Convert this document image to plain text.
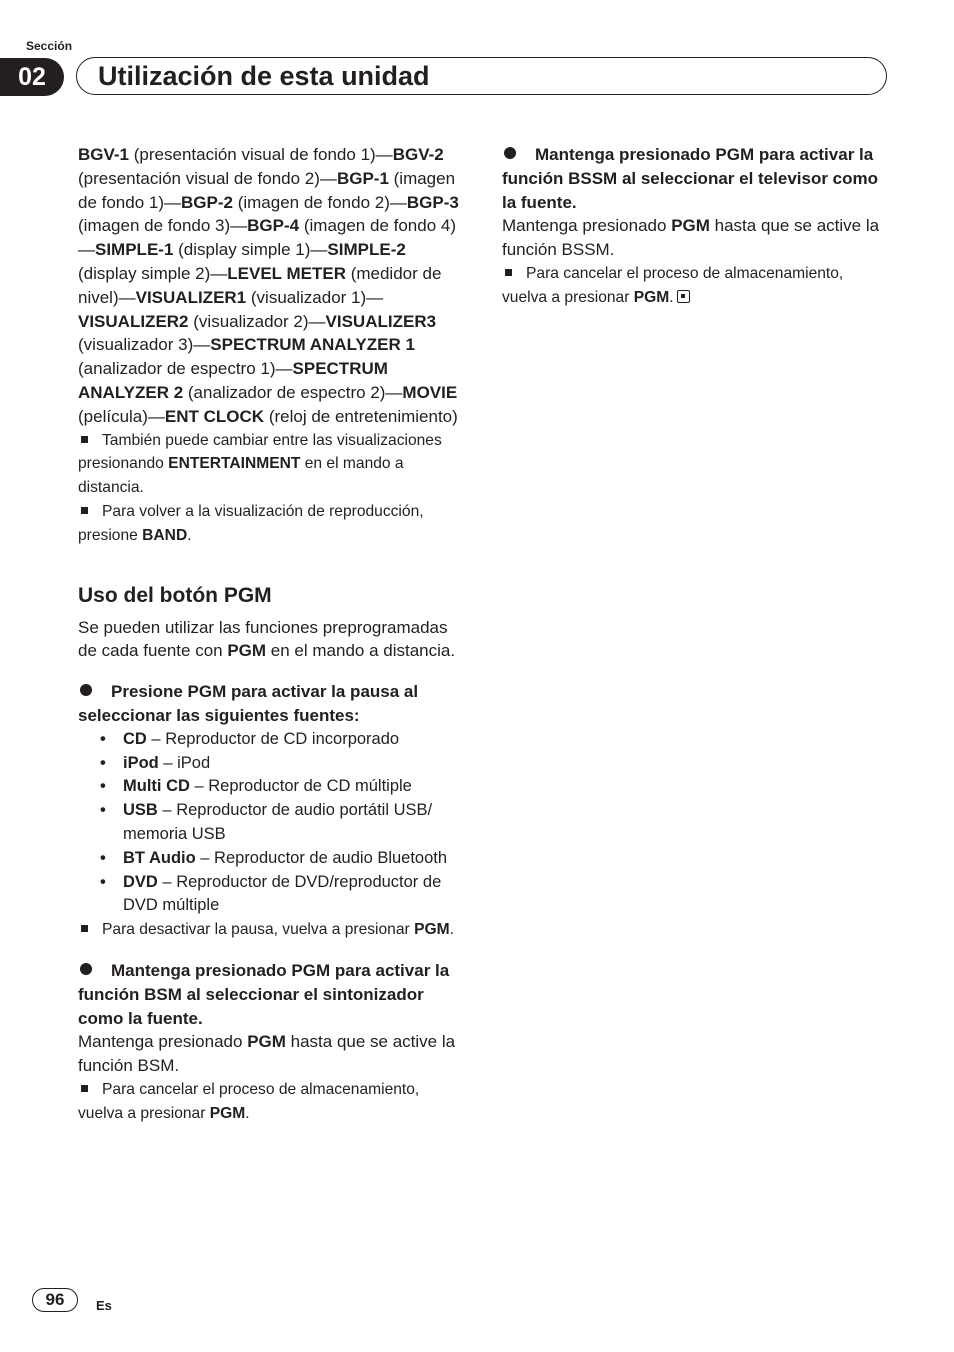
Sección
02	Utilización de esta unidad

BGV-1 (presentación visual de fondo 1)—BGV-2 (presentación visual de fondo 2)—BGP-1 (imagen de fondo 1)—BGP-2 (imagen de fondo 2)—BGP-3 (imagen de fondo 3)—BGP-4 (imagen de fondo 4)—SIMPLE-1 (display simple 1)—SIMPLE-2 (display simple 2)—LEVEL METER (medidor de nivel)—VISUALIZER1 (visualizador 1)—VISUALIZER2 (visualizador 2)—VISUALIZER3 (visualizador 3)—SPECTRUM ANALYZER 1 (analizador de espectro 1)—SPECTRUM ANALYZER 2 (analizador de espectro 2)—MOVIE (película)—ENT CLOCK (reloj de entretenimiento)

También puede cambiar entre las visualizaciones presionando ENTERTAINMENT en el mando a distancia.

Para volver a la visualización de reproducción, presione BAND.

Uso del botón PGM

Se pueden utilizar las funciones preprogramadas de cada fuente con PGM en el mando a distancia.

Presione PGM para activar la pausa al seleccionar las siguientes fuentes:

• CD – Reproductor de CD incorporado
• iPod – iPod
• Multi CD – Reproductor de CD múltiple
• USB – Reproductor de audio portátil USB/ memoria USB
• BT Audio – Reproductor de audio Bluetooth
• DVD – Reproductor de DVD/reproductor de DVD múltiple

Para desactivar la pausa, vuelva a presionar PGM.

Mantenga presionado PGM para activar la función BSM al seleccionar el sintonizador como la fuente.

Mantenga presionado PGM hasta que se active la función BSM.

Para cancelar el proceso de almacenamiento, vuelva a presionar PGM.

Mantenga presionado PGM para activar la función BSSM al seleccionar el televisor como la fuente.

Mantenga presionado PGM hasta que se active la función BSSM.

Para cancelar el proceso de almacenamiento, vuelva a presionar PGM.

96	Es
